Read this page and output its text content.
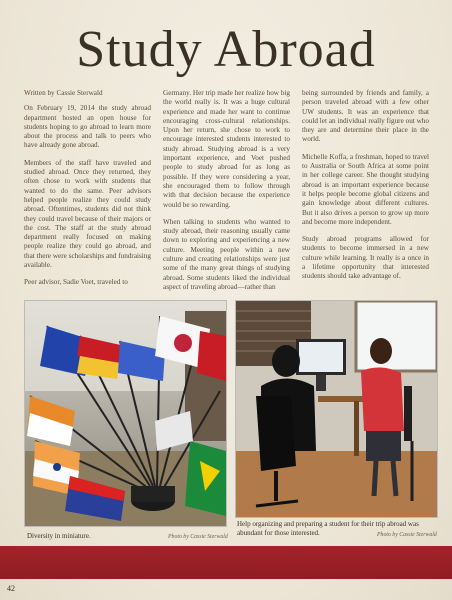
Study Abroad

Written by Cassie Sterwald

On February 19, 2014 the study abroad department hosted an open house for students hoping to go abroad to learn more about the process and talk to peers who have already gone abroad.

Members of the staff have traveled and studied abroad. Once they returned, they often chose to work with students that wanted to do the same. Peer advisors helped people realize they could study abroad. Oftentimes, students did not think they could travel because of their majors or the cost. The staff at the study abroad department really focused on making people realize they could go abroad, and that there were scholarships and fundraising available.

Peer advisor, Sadie Voet, traveled to

Germany. Her trip made her realize how big the world really is. It was a huge cultural experience and made her want to continue encouraging cross-cultural relationships. Upon her return, she chose to work to encourage interested students interested to study abroad. Studying abroad is a very important experience, and Voet pushed people to study abroad for as long as possible. If they were considering a year, she encouraged them to follow through with that decision because the experience would be so rewarding.

When talking to students who wanted to study abroad, their reasoning usually came down to exploring and experiencing a new culture. Meeting people within a new culture and creating relationships were just some of the many great things of studying abroad. Some students liked the individual aspect of traveling abroad—rather than

being surrounded by friends and family, a person traveled abroad with a few other UW students. It was an experience that could let an individual really figure out who they are and determine their place in the world.

Michelle Koffa, a freshman, hoped to travel to Australia or South Africa at some point in her college career. She thought studying abroad is an important experience because it helps people become global citizens and gain knowledge about different cultures. But it also drives a person to grow up more and become more independent.

Study abroad programs allowed for students to become immersed in a new culture while learning. It really is a once in a lifetime opportunity that interested students should take advantage of.

Diversity in miniature.	Photo by Cassie Sterwald
Help organizing and preparing a student for their trip abroad was abundant for those interested.	Photo by Cassie Sterwald
42
